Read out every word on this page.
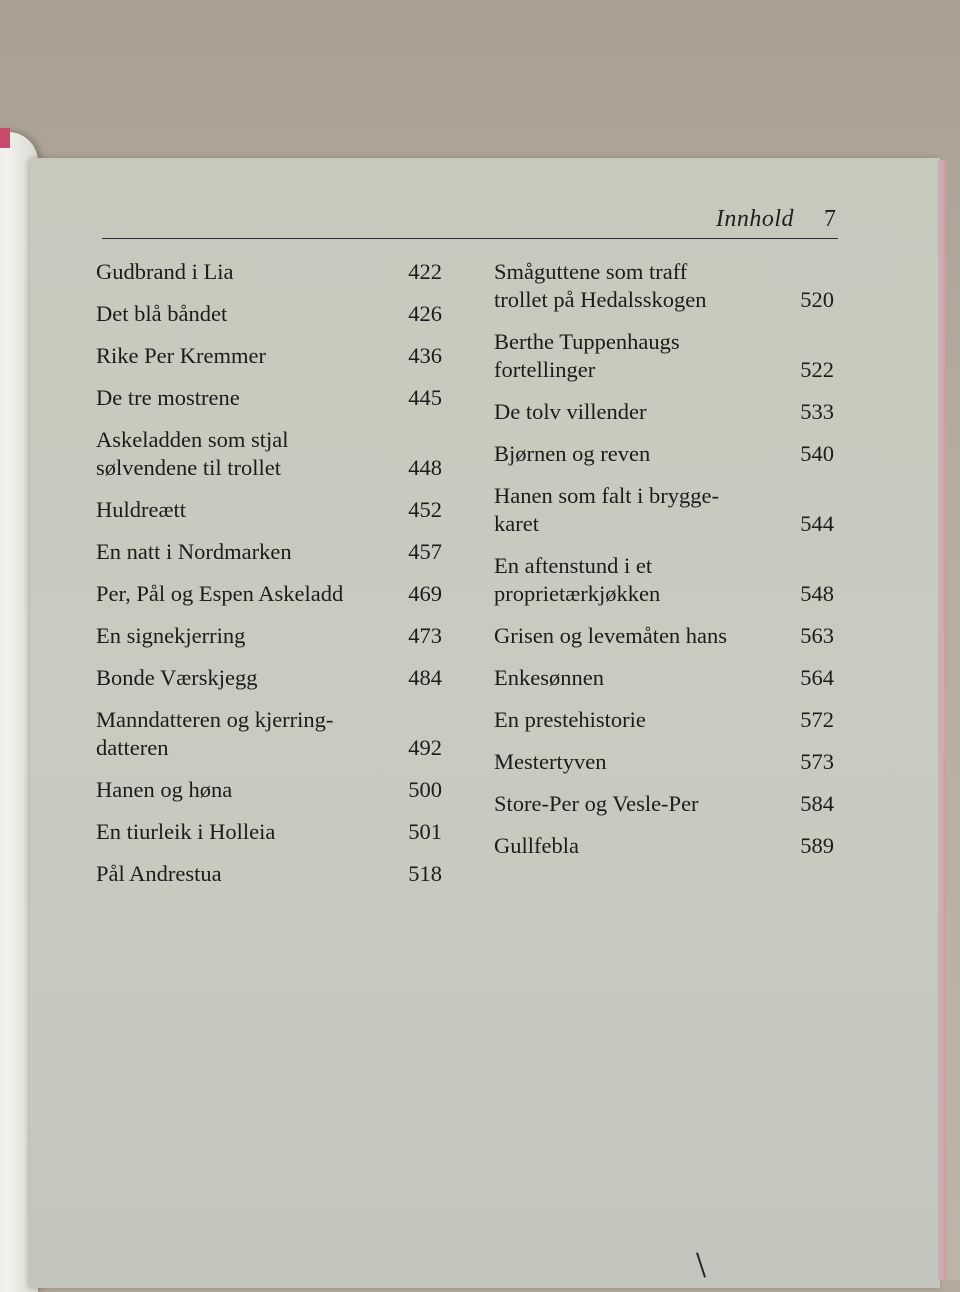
Innhold 7
Gudbrand i Lia	422
Det blå båndet	426
Rike Per Kremmer	436
De tre mostrene	445
Askeladden som stjal
sølvendene til trollet	448
Huldreætt	452
En natt i Nordmarken	457
Per, Pål og Espen Askeladd	469
En signekjerring	473
Bonde Værskjegg	484
Manndatteren og kjerring-
datteren	492
Hanen og høna	500
En tiurleik i Holleia	501
Pål Andrestua	518
Småguttene som traff
trollet på Hedalsskogen	520
Berthe Tuppenhaugs
fortellinger	522
De tolv villender	533
Bjørnen og reven	540
Hanen som falt i brygge-
karet	544
En aftenstund i et
proprietærkjøkken	548
Grisen og levemåten hans	563
Enkesønnen	564
En prestehistorie	572
Mestertyven	573
Store-Per og Vesle-Per	584
Gullfebla	589
